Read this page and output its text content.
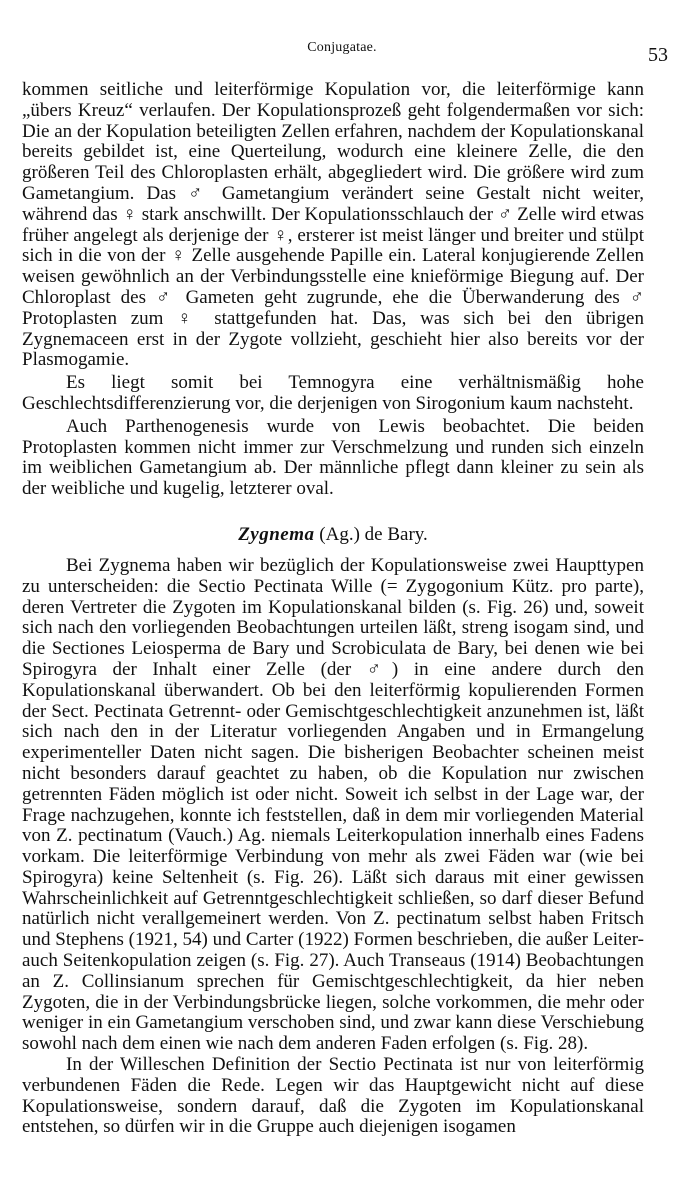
Conjugatae.	53

kommen seitliche und leiterförmige Kopulation vor, die leiterförmige kann „übers Kreuz“ verlaufen. Der Kopulationsprozeß geht folgendermaßen vor sich: Die an der Kopulation beteiligten Zellen erfahren, nachdem der Kopulationskanal bereits gebildet ist, eine Querteilung, wodurch eine kleinere Zelle, die den größeren Teil des Chloroplasten erhält, abgegliedert wird. Die größere wird zum Gametangium. Das ♂ Gametangium verändert seine Gestalt nicht weiter, während das ♀ stark anschwillt. Der Kopulationsschlauch der ♂ Zelle wird etwas früher angelegt als derjenige der ♀, ersterer ist meist länger und breiter und stülpt sich in die von der ♀ Zelle ausgehende Papille ein. Lateral konjugierende Zellen weisen gewöhnlich an der Verbindungsstelle eine knieförmige Biegung auf. Der Chloroplast des ♂ Gameten geht zugrunde, ehe die Überwanderung des ♂ Protoplasten zum ♀ stattgefunden hat. Das, was sich bei den übrigen Zygnemaceen erst in der Zygote vollzieht, geschieht hier also bereits vor der Plasmogamie.

Es liegt somit bei Temnogyra eine verhältnismäßig hohe Geschlechtsdifferenzierung vor, die derjenigen von Sirogonium kaum nachsteht.

Auch Parthenogenesis wurde von Lewis beobachtet. Die beiden Protoplasten kommen nicht immer zur Verschmelzung und runden sich einzeln im weiblichen Gametangium ab. Der männliche pflegt dann kleiner zu sein als der weibliche und kugelig, letzterer oval.

Zygnema (Ag.) de Bary.

Bei Zygnema haben wir bezüglich der Kopulationsweise zwei Haupttypen zu unterscheiden: die Sectio Pectinata Wille (= Zygogonium Kütz. pro parte), deren Vertreter die Zygoten im Kopulationskanal bilden (s. Fig. 26) und, soweit sich nach den vorliegenden Beobachtungen urteilen läßt, streng isogam sind, und die Sectiones Leiosperma de Bary und Scrobiculata de Bary, bei denen wie bei Spirogyra der Inhalt einer Zelle (der ♂) in eine andere durch den Kopulationskanal überwandert. Ob bei den leiterförmig kopulierenden Formen der Sect. Pectinata Getrennt- oder Gemischtgeschlechtigkeit anzunehmen ist, läßt sich nach den in der Literatur vorliegenden Angaben und in Ermangelung experimenteller Daten nicht sagen. Die bisherigen Beobachter scheinen meist nicht besonders darauf geachtet zu haben, ob die Kopulation nur zwischen getrennten Fäden möglich ist oder nicht. Soweit ich selbst in der Lage war, der Frage nachzugehen, konnte ich feststellen, daß in dem mir vorliegenden Material von Z. pectinatum (Vauch.) Ag. niemals Leiterkopulation innerhalb eines Fadens vorkam. Die leiterförmige Verbindung von mehr als zwei Fäden war (wie bei Spirogyra) keine Seltenheit (s. Fig. 26). Läßt sich daraus mit einer gewissen Wahrscheinlichkeit auf Getrenntgeschlechtigkeit schließen, so darf dieser Befund natürlich nicht verallgemeinert werden. Von Z. pectinatum selbst haben Fritsch und Stephens (1921, 54) und Carter (1922) Formen beschrieben, die außer Leiter- auch Seitenkopulation zeigen (s. Fig. 27). Auch Transeaus (1914) Beobachtungen an Z. Collinsianum sprechen für Gemischtgeschlechtigkeit, da hier neben Zygoten, die in der Verbindungsbrücke liegen, solche vorkommen, die mehr oder weniger in ein Gametangium verschoben sind, und zwar kann diese Verschiebung sowohl nach dem einen wie nach dem anderen Faden erfolgen (s. Fig. 28).

In der Willeschen Definition der Sectio Pectinata ist nur von leiterförmig verbundenen Fäden die Rede. Legen wir das Hauptgewicht nicht auf diese Kopulationsweise, sondern darauf, daß die Zygoten im Kopulationskanal entstehen, so dürfen wir in die Gruppe auch diejenigen isogamen
